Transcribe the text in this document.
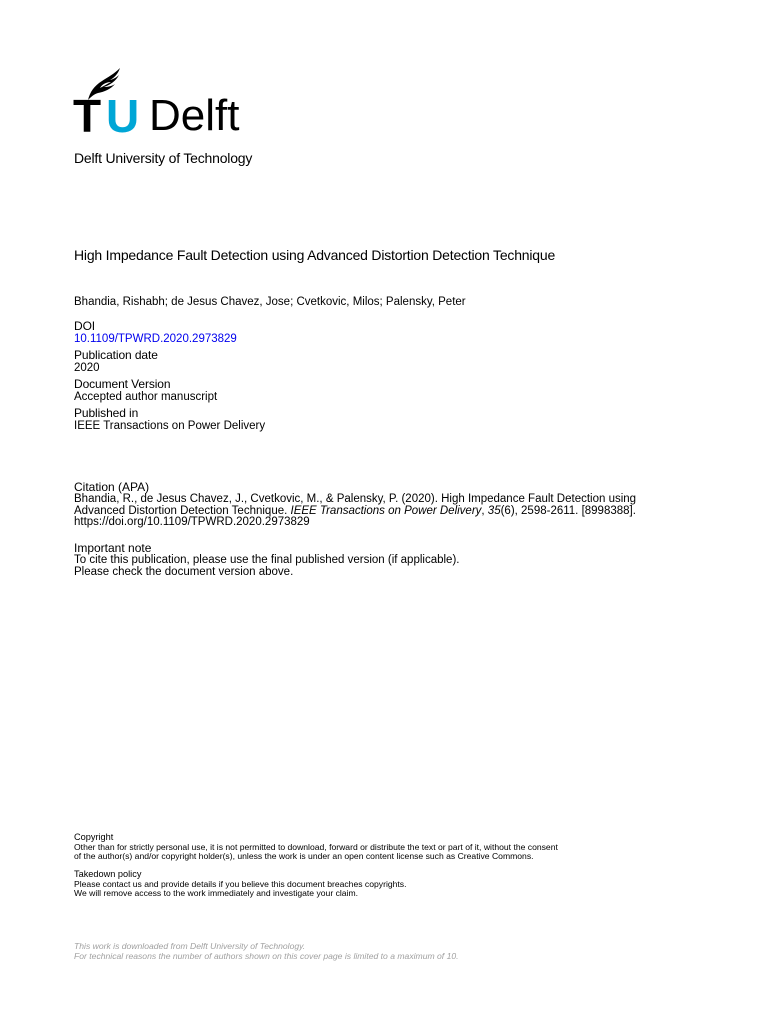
T U Delft
Delft University of Technology
High Impedance Fault Detection using Advanced Distortion Detection Technique
Bhandia, Rishabh; de Jesus Chavez, Jose; Cvetkovic, Milos; Palensky, Peter
DOI
10.1109/TPWRD.2020.2973829
Publication date
2020
Document Version
Accepted author manuscript
Published in
IEEE Transactions on Power Delivery
Citation (APA)
Bhandia, R., de Jesus Chavez, J., Cvetkovic, M., & Palensky, P. (2020). High Impedance Fault Detection using Advanced Distortion Detection Technique. IEEE Transactions on Power Delivery, 35(6), 2598-2611. [8998388]. https://doi.org/10.1109/TPWRD.2020.2973829
Important note
To cite this publication, please use the final published version (if applicable).
Please check the document version above.
Copyright
Other than for strictly personal use, it is not permitted to download, forward or distribute the text or part of it, without the consent
of the author(s) and/or copyright holder(s), unless the work is under an open content license such as Creative Commons.
Takedown policy
Please contact us and provide details if you believe this document breaches copyrights.
We will remove access to the work immediately and investigate your claim.
This work is downloaded from Delft University of Technology.
For technical reasons the number of authors shown on this cover page is limited to a maximum of 10.
